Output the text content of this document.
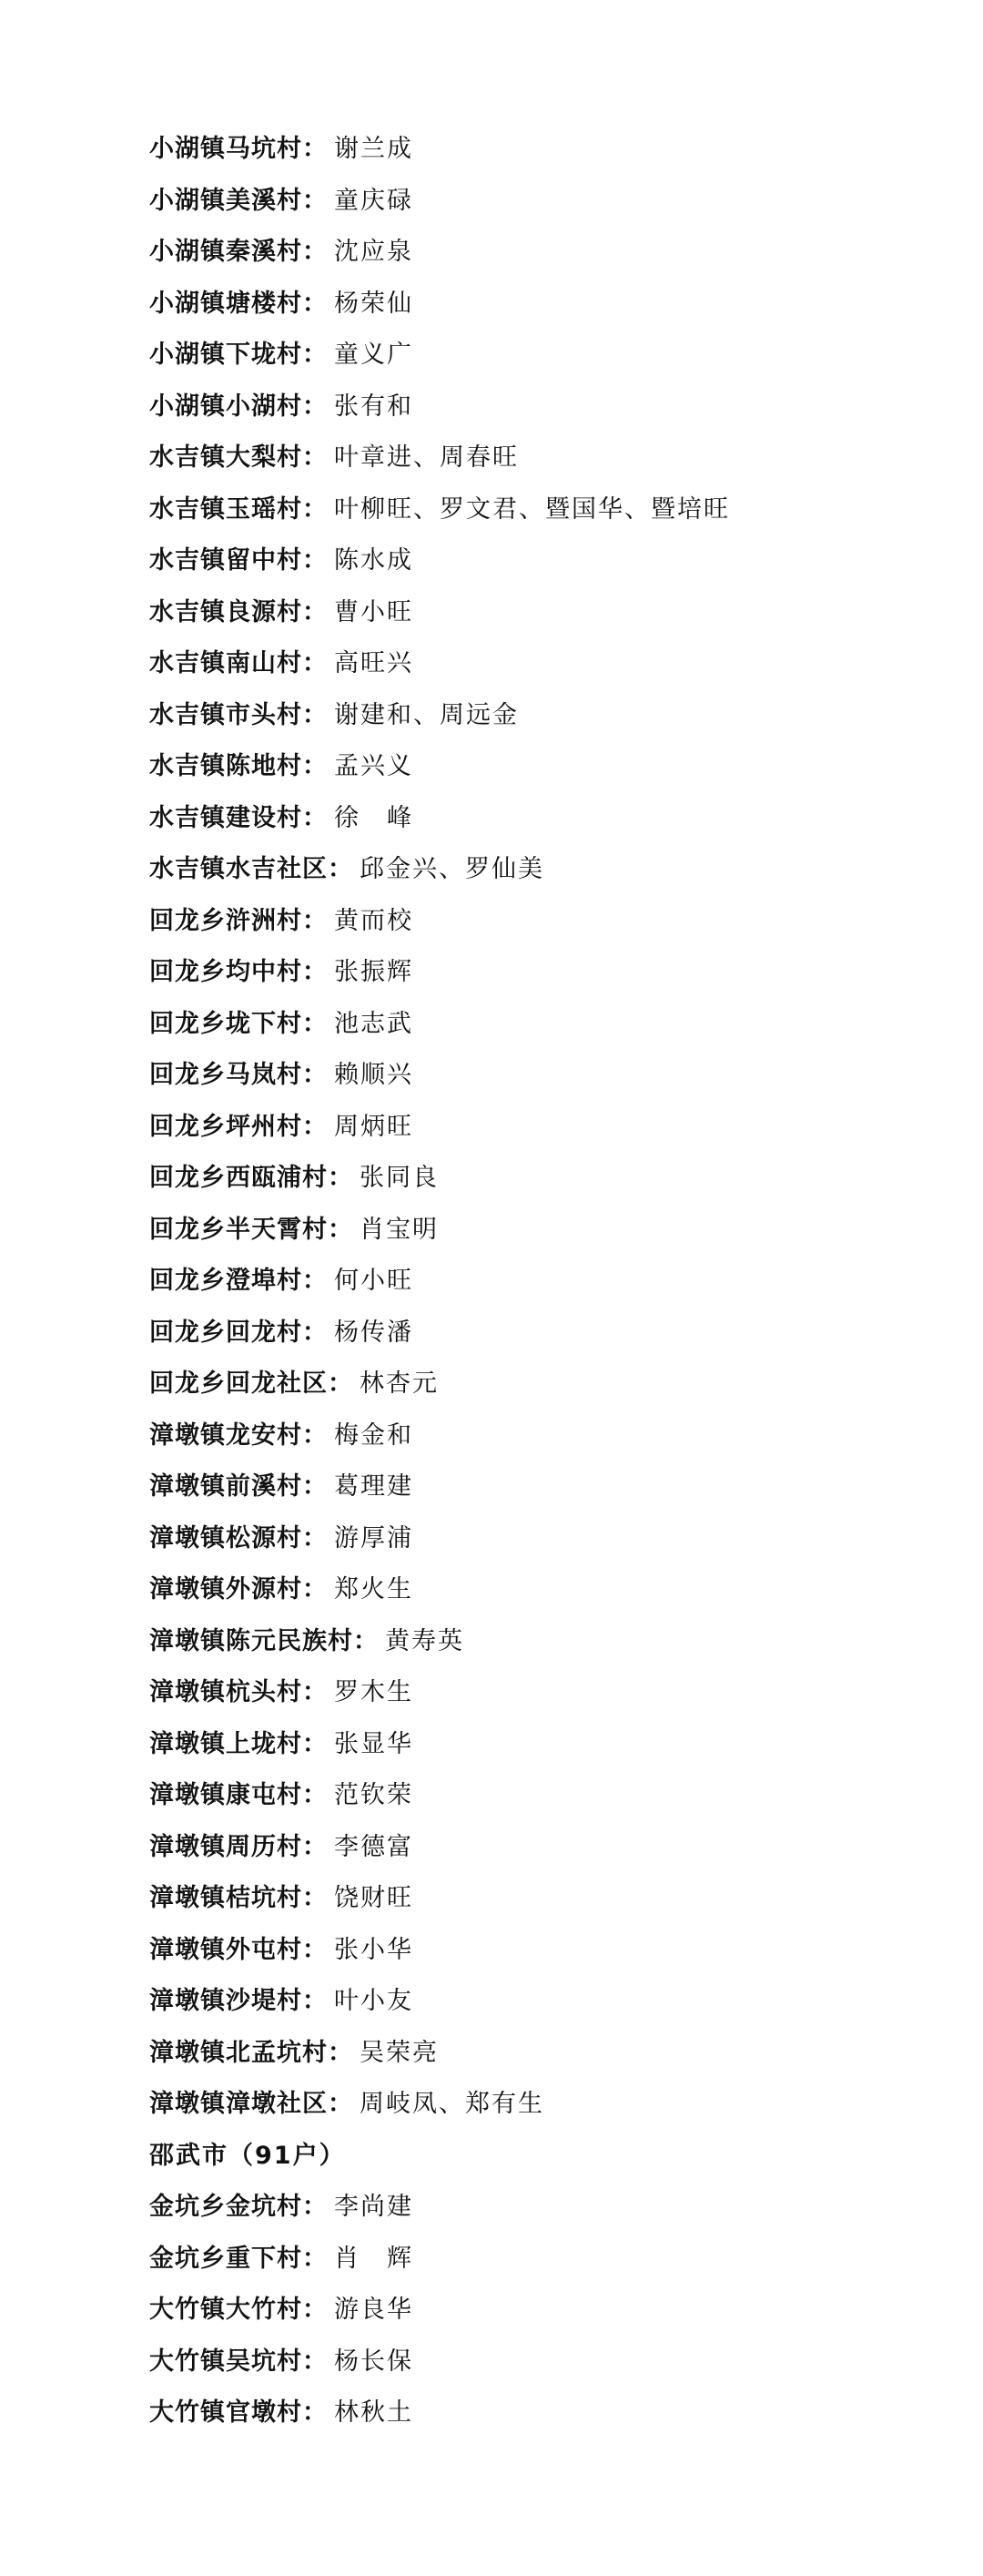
小湖镇马坑村： 谢兰成
小湖镇美溪村： 童庆碌
小湖镇秦溪村： 沈应泉
小湖镇塘楼村： 杨荣仙
小湖镇下垅村： 童义广
小湖镇小湖村： 张有和
水吉镇大梨村： 叶章进、周春旺
水吉镇玉瑶村： 叶柳旺、罗文君、暨国华、暨培旺
水吉镇留中村： 陈水成
水吉镇良源村： 曹小旺
水吉镇南山村： 高旺兴
水吉镇市头村： 谢建和、周远金
水吉镇陈地村： 孟兴义
水吉镇建设村： 徐　峰
水吉镇水吉社区： 邱金兴、罗仙美
回龙乡浒洲村： 黄而校
回龙乡均中村： 张振辉
回龙乡垅下村： 池志武
回龙乡马岚村： 赖顺兴
回龙乡坪州村： 周炳旺
回龙乡西瓯浦村： 张同良
回龙乡半天霄村： 肖宝明
回龙乡澄埠村： 何小旺
回龙乡回龙村： 杨传潘
回龙乡回龙社区： 林杏元
漳墩镇龙安村： 梅金和
漳墩镇前溪村： 葛理建
漳墩镇松源村： 游厚浦
漳墩镇外源村： 郑火生
漳墩镇陈元民族村： 黄寿英
漳墩镇杭头村： 罗木生
漳墩镇上垅村： 张显华
漳墩镇康屯村： 范钦荣
漳墩镇周历村： 李德富
漳墩镇桔坑村： 饶财旺
漳墩镇外屯村： 张小华
漳墩镇沙堤村： 叶小友
漳墩镇北孟坑村： 吴荣亮
漳墩镇漳墩社区： 周岐凤、郑有生
邵武市（91户）
金坑乡金坑村： 李尚建
金坑乡重下村： 肖　辉
大竹镇大竹村： 游良华
大竹镇吴坑村： 杨长保
大竹镇官墩村： 林秋土
